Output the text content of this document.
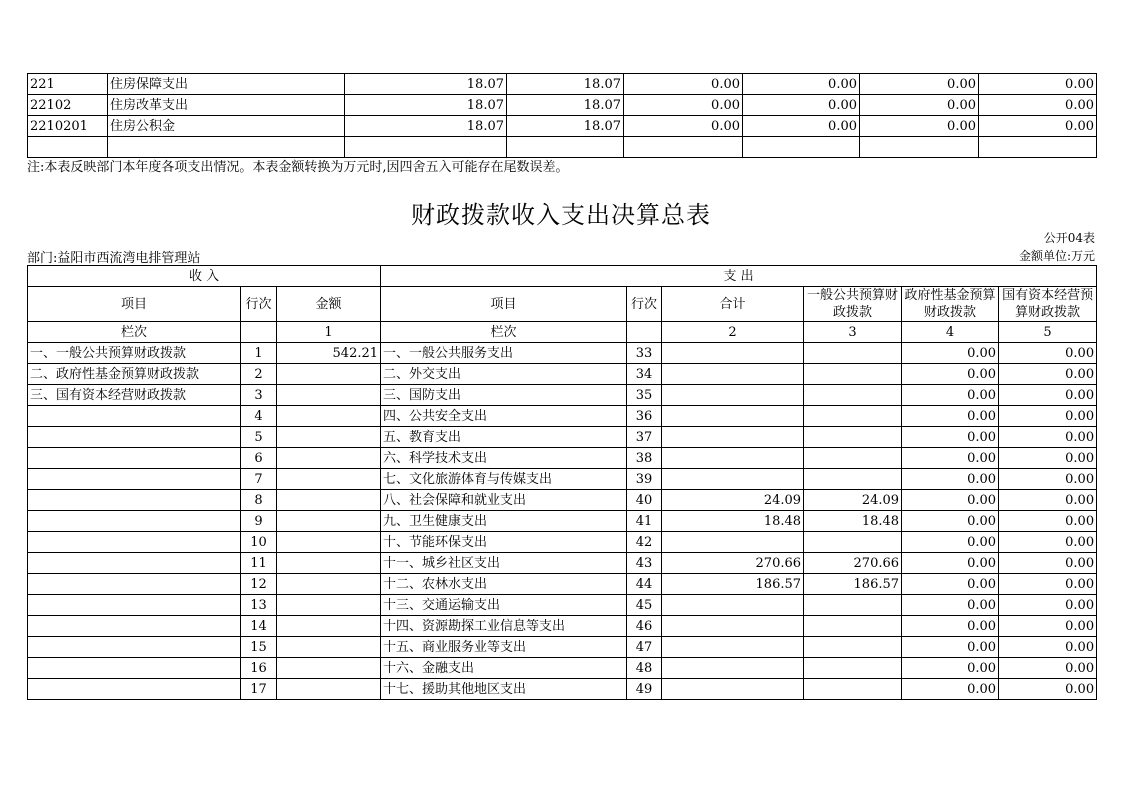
221	住房保障支出	18.07	18.07	0.00	0.00	0.00	0.00
22102	住房改革支出	18.07	18.07	0.00	0.00	0.00	0.00
2210201	住房公积金	18.07	18.07	0.00	0.00	0.00	0.00

注:本表反映部门本年度各项支出情况。本表金额转换为万元时,因四舍五入可能存在尾数误差。
财政拨款收入支出决算总表
公开04表
部门:益阳市西流湾电排管理站	金额单位:万元
收 入			支 出					
项目	行次	金额	项目	行次	合计	一般公共预算财政拨款	政府性基金预算财政拨款	国有资本经营预算财政拨款
栏次		1	栏次		2	3	4	5
一、一般公共预算财政拨款	1	542.21	一、一般公共服务支出	33			0.00	0.00
二、政府性基金预算财政拨款	2		二、外交支出	34			0.00	0.00
三、国有资本经营财政拨款	3		三、国防支出	35			0.00	0.00
	4		四、公共安全支出	36			0.00	0.00
	5		五、教育支出	37			0.00	0.00
	6		六、科学技术支出	38			0.00	0.00
	7		七、文化旅游体育与传媒支出	39			0.00	0.00
	8		八、社会保障和就业支出	40	24.09	24.09	0.00	0.00
	9		九、卫生健康支出	41	18.48	18.48	0.00	0.00
	10		十、节能环保支出	42			0.00	0.00
	11		十一、城乡社区支出	43	270.66	270.66	0.00	0.00
	12		十二、农林水支出	44	186.57	186.57	0.00	0.00
	13		十三、交通运输支出	45			0.00	0.00
	14		十四、资源勘探工业信息等支出	46			0.00	0.00
	15		十五、商业服务业等支出	47			0.00	0.00
	16		十六、金融支出	48			0.00	0.00
	17		十七、援助其他地区支出	49			0.00	0.00
